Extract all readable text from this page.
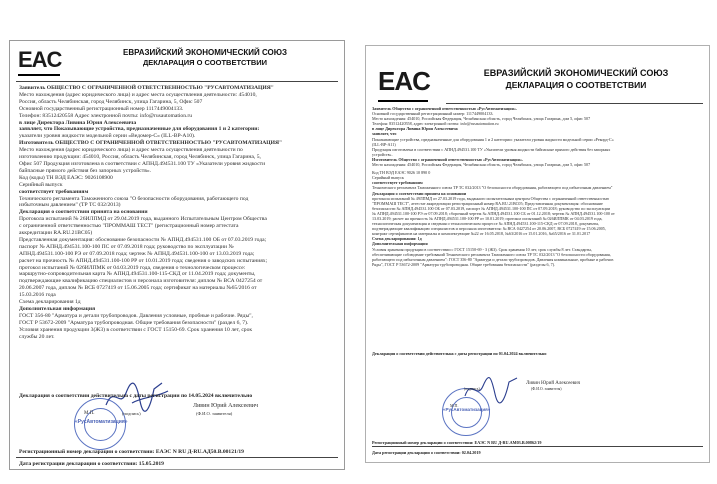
EAC	ЕВРАЗИЙСКИЙ ЭКОНОМИЧЕСКИЙ СОЮЗ
ДЕКЛАРАЦИЯ О СООТВЕТСТВИИ

Заявитель ОБЩЕСТВО С ОГРАНИЧЕННОЙ ОТВЕТСТВЕННОСТЬЮ "РУСАВТОМАТИЗАЦИЯ"

Место нахождения (адрес юридического лица) и адрес места осуществления деятельности: 454010,

Россия, область Челябинская, город Челябинск, улица Гагарина, 5, Офис 507

Основной государственный регистрационный номер 1117449004133.

Телефон: 83512420558 Адрес электронной почты: info@rusautomation.ru

в лице Директора Ливина Юрия Алексеевича

заявляет, что Показывающие устройства, предназначенные для оборудования 1 и 2 категории:

указатели уровня жидкости модельной серии «Ведомер-С» (ILL-ВР-А10).

Изготовитель ОБЩЕСТВО С ОГРАНИЧЕННОЙ ОТВЕТСТВЕННОСТЬЮ "РУСАВТОМАТИЗАЦИЯ"

Место нахождения (адрес юридического лица) и адрес места осуществления деятельности по

изготовлению продукции: 454010, Россия, область Челябинская, город Челябинск, улица Гагарина, 5,

Офис 507 Продукция изготовлена в соответствии с АПНД.494531.100 ТУ «Указатели уровня жидкости

байпасные прямого действия без запорных устройств».

Код (коды) ТН ВЭД ЕАЭС: 9026108900

Серийный выпуск

соответствует требованиям

Технического регламента Таможенного союза "О безопасности оборудования, работающего под

избыточным давлением" (ТР ТС 032/2013)

Декларация о соответствии принята на основании

Протокола испытаний № 26ИЛПМД от 29.04.2019 года, выданного Испытательным Центром Общества

с ограниченной ответственностью "ПРОММАШ ТЕСТ" (регистрационный номер аттестата

аккредитации RA.RU.21ВС05)

Представленная документация: обоснование безопасности № АПНД.494531.100 ОБ от 07.03.2019 года;

паспорт № АПНД.494531.100-100 ПС от 07.09.2018 года; руководство по эксплуатации №

АПНД.494531.100-100 РЭ от 07.09.2018 года; чертеж № АПНД.494531.100-100 от 13.03.2019 года;

расчет на прочность № АПНД.494531.100-100 РР от 10.01.2019 года; сведения о заводских испытаниях;

протокол испытаний № 026ИЛПМК от 04.03.2019 года, сведения о технологическом процессе:

маршрутно-сопроводительная карта № АПНД.494531.100-115-СКД от 11.04.2019 года; документы,

подтверждающие квалификацию специалистов и персонала изготовителя: диплом № ВСА 0427254 от

20.06.2007 года, диплом № ВСБ 0727419 от 15.06.2005 года; сертификат на материалы №65/2016 от

15.03.2016 года

Схема декларирования 1д

Дополнительная информация

ГОСТ 356-80 "Арматура и детали трубопроводов. Давления условные, пробные и рабочие. Ряды",

ГОСТ Р 53672-2009 "Арматура трубопроводная. Общие требования безопасности" (раздел 6, 7).

Условия хранения продукции 3(Ж3) в соответствии с ГОСТ 15150-69. Срок хранения 10 лет, срок

службы 20 лет.

«РусАвтоматизация»
М.П.	(подпись)
Ливин Юрий Алексеевич
(Ф.И.О. заявителя)
Декларация о соответствии действительна с даты регистрации по 14.05.2024 включительно
Регистрационный номер декларации о соответствии: ЕАЭС N RU Д-RU.АД50.В.00121/19
Дата регистрации декларации о соответствии: 15.05.2019
EAC	ЕВРАЗИЙСКИЙ ЭКОНОМИЧЕСКИЙ СОЮЗ
ДЕКЛАРАЦИЯ О СООТВЕТСТВИИ

Заявитель Общество с ограниченной ответственностью «РусАвтоматизация».

Основной государственный регистрационный номер: 1117449004133.

Место нахождения: 454010, Российская Федерация, Челябинская область, город Челябинск, улица Гагарина, дом 5, офис 507

Телефон: 83512420558, адрес электронной почты: info@rusautomation.ru

в лице Директора Ливина Юрия Алексеевича

заявляет, что

Показывающие устройства, предназначенные для оборудования 1 и 2 категории: указатели уровня жидкости модельной серии «Рекорд-С»

(ILL-ВР-А11)

Продукция изготовлена в соответствии с АПНД.494531.100 ТУ «Указатели уровня жидкости байпасные прямого действия без запорных

устройств».

Изготовитель Общество с ограниченной ответственностью «РусАвтоматизация».

Место нахождения: 454010, Российская Федерация, Челябинская область, город Челябинск, улица Гагарина, дом 5, офис 507

Код ТН ВЭД ЕАЭС 9026 10 890 0

Серийный выпуск

соответствует требованиям

Технического регламента Таможенного союза ТР ТС 032/2013 "О безопасности оборудования, работающего под избыточным давлением"

Декларация о соответствии принята на основании

протокола испытаний № 49ЛПМД от 27.03.2019 года, выданного испытательным центром Общества с ограниченной ответственностью

"ПРОММАШ ТЕСТ", аттестат аккредитации регистрационный номер RA.RU.21ВС05; Представленная документация: обоснование

безопасности № АПНД.494531.100 ОБ от 07.03.2019, паспорт № АПНД.494531.100-100 ПС от 07.09.2018; руководство по эксплуатации

№ АПНД.494531.100-100 РЭ от 07.09.2018; сборочный чертеж № АПНД.494531.100 СБ от 01.12.2018; чертеж № АПНД.494531.100-100 от

13.03.2019; расчет на прочность № АПНД.494531.100-100 РР от 10.01.2019; протокол испытаний № 026ИЛПМК от 04.03.2019 года,

технологическая документация и сведения о технологическом процессе № АПНД.494531.100-115-СКД от 07.09.2018, документы,

подтверждающие квалификацию специалистов и персонала изготовителя: № ВСА 0427254 от 20.06.2007, ВСБ 0727419 от 15.06.2005,

контракт сертификатов на материалы и комплектующие №22 от 16.05.2018, №63/2016 от 15.01.2016, №65/2016 от 31.01.2017

Схема декларирования: 1д

Дополнительная информация

Условия хранения продукции в соответствии с ГОСТ 15150-69 - 3 (Ж3). Срок хранения 10 лет, срок службы 8 лет. Стандарты,

обеспечивающие соблюдение требований Технического регламента Таможенного союза ТР ТС 032/2013 "О безопасности оборудования,

работающего под избыточным давлением": ГОСТ 356-80 "Арматура и детали трубопроводов. Давления номинальные, пробные и рабочие.

Ряды", ГОСТ Р 53672-2009 "Арматура трубопроводная. Общие требования безопасности" (разделы 6, 7).

«РусАвтоматизация»
Ливин Юрий Алексеевич
(Ф.И.О. заявителя)
(подпись)
М.П.
Декларация о соответствии действительна с даты регистрации по 01.04.2024 включительно
Регистрационный номер декларации о соответствии: ЕАЭС N RU Д-RU.АМ03.В.00862/19
Дата регистрации декларации о соответствии: 02.04.2019
